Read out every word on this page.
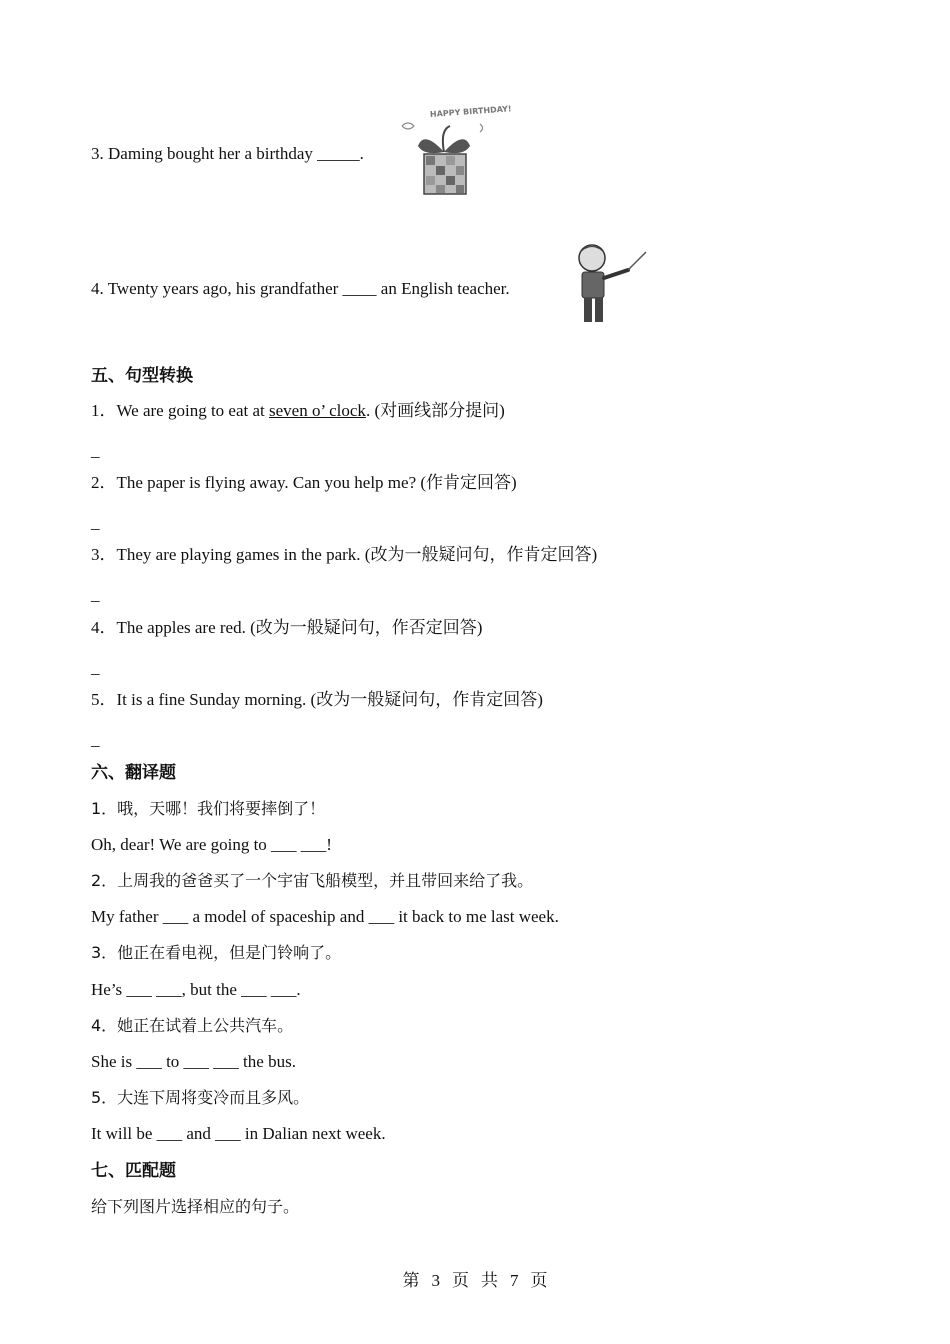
3. Daming bought her a birthday _____.
HAPPY BIRTHDAY!
4. Twenty years ago, his grandfather ____ an English teacher.
五、句型转换
1．We are going to eat at seven o’ clock. (对画线部分提问)
_
2．The paper is flying away. Can you help me? (作肯定回答)
_
3．They are playing games in the park. (改为一般疑问句，作肯定回答)
_
4．The apples are red. (改为一般疑问句，作否定回答)
_
5．It is a fine Sunday morning. (改为一般疑问句，作肯定回答)
_
六、翻译题
1．哦，天哪！我们将要摔倒了！
Oh, dear! We are going to ___ ___!
2．上周我的爸爸买了一个宇宙飞船模型，并且带回来给了我。
My father ___ a model of spaceship and ___ it back to me last week.
3．他正在看电视，但是门铃响了。
He’s ___ ___, but the ___ ___.
4．她正在试着上公共汽车。
She is ___ to ___ ___ the bus.
5．大连下周将变冷而且多风。
It will be ___ and ___ in Dalian next week.
七、匹配题
给下列图片选择相应的句子。
第 3 页 共 7 页
